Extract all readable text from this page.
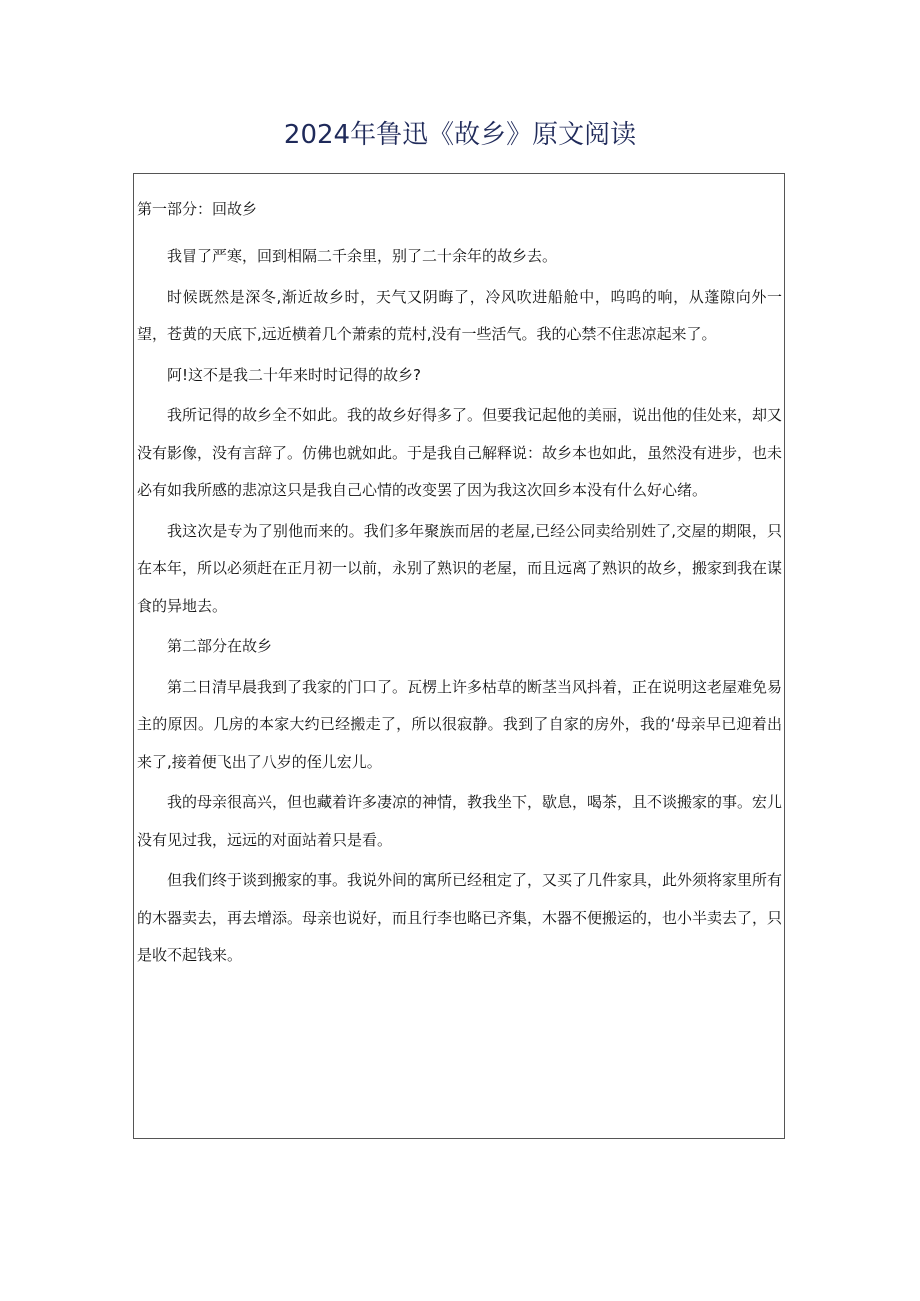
2024年鲁迅《故乡》原文阅读
第一部分：回故乡

我冒了严寒，回到相隔二千余里，别了二十余年的故乡去。

时候既然是深冬,渐近故乡时，天气又阴晦了，冷风吹进船舱中，呜呜的响，从蓬隙向外一望，苍黄的天底下,远近横着几个萧索的荒村,没有一些活气。我的心禁不住悲凉起来了。

阿!这不是我二十年来时时记得的故乡?

我所记得的故乡全不如此。我的故乡好得多了。但要我记起他的美丽，说出他的佳处来，却又没有影像，没有言辞了。仿佛也就如此。于是我自己解释说：故乡本也如此，虽然没有进步，也未必有如我所感的悲凉这只是我自己心情的改变罢了因为我这次回乡本没有什么好心绪。

我这次是专为了别他而来的。我们多年聚族而居的老屋,已经公同卖给别姓了,交屋的期限，只在本年，所以必须赶在正月初一以前，永别了熟识的老屋，而且远离了熟识的故乡，搬家到我在谋食的异地去。

第二部分在故乡

第二日清早晨我到了我家的门口了。瓦楞上许多枯草的断茎当风抖着，正在说明这老屋难免易主的原因。几房的本家大约已经搬走了，所以很寂静。我到了自家的房外，我的‘母亲早已迎着出来了,接着便飞出了八岁的侄儿宏儿。

我的母亲很高兴，但也藏着许多凄凉的神情，教我坐下，歇息，喝茶，且不谈搬家的事。宏儿没有见过我，远远的对面站着只是看。

但我们终于谈到搬家的事。我说外间的寓所已经租定了，又买了几件家具，此外须将家里所有的木器卖去，再去增添。母亲也说好，而且行李也略已齐集，木器不便搬运的，也小半卖去了，只是收不起钱来。
